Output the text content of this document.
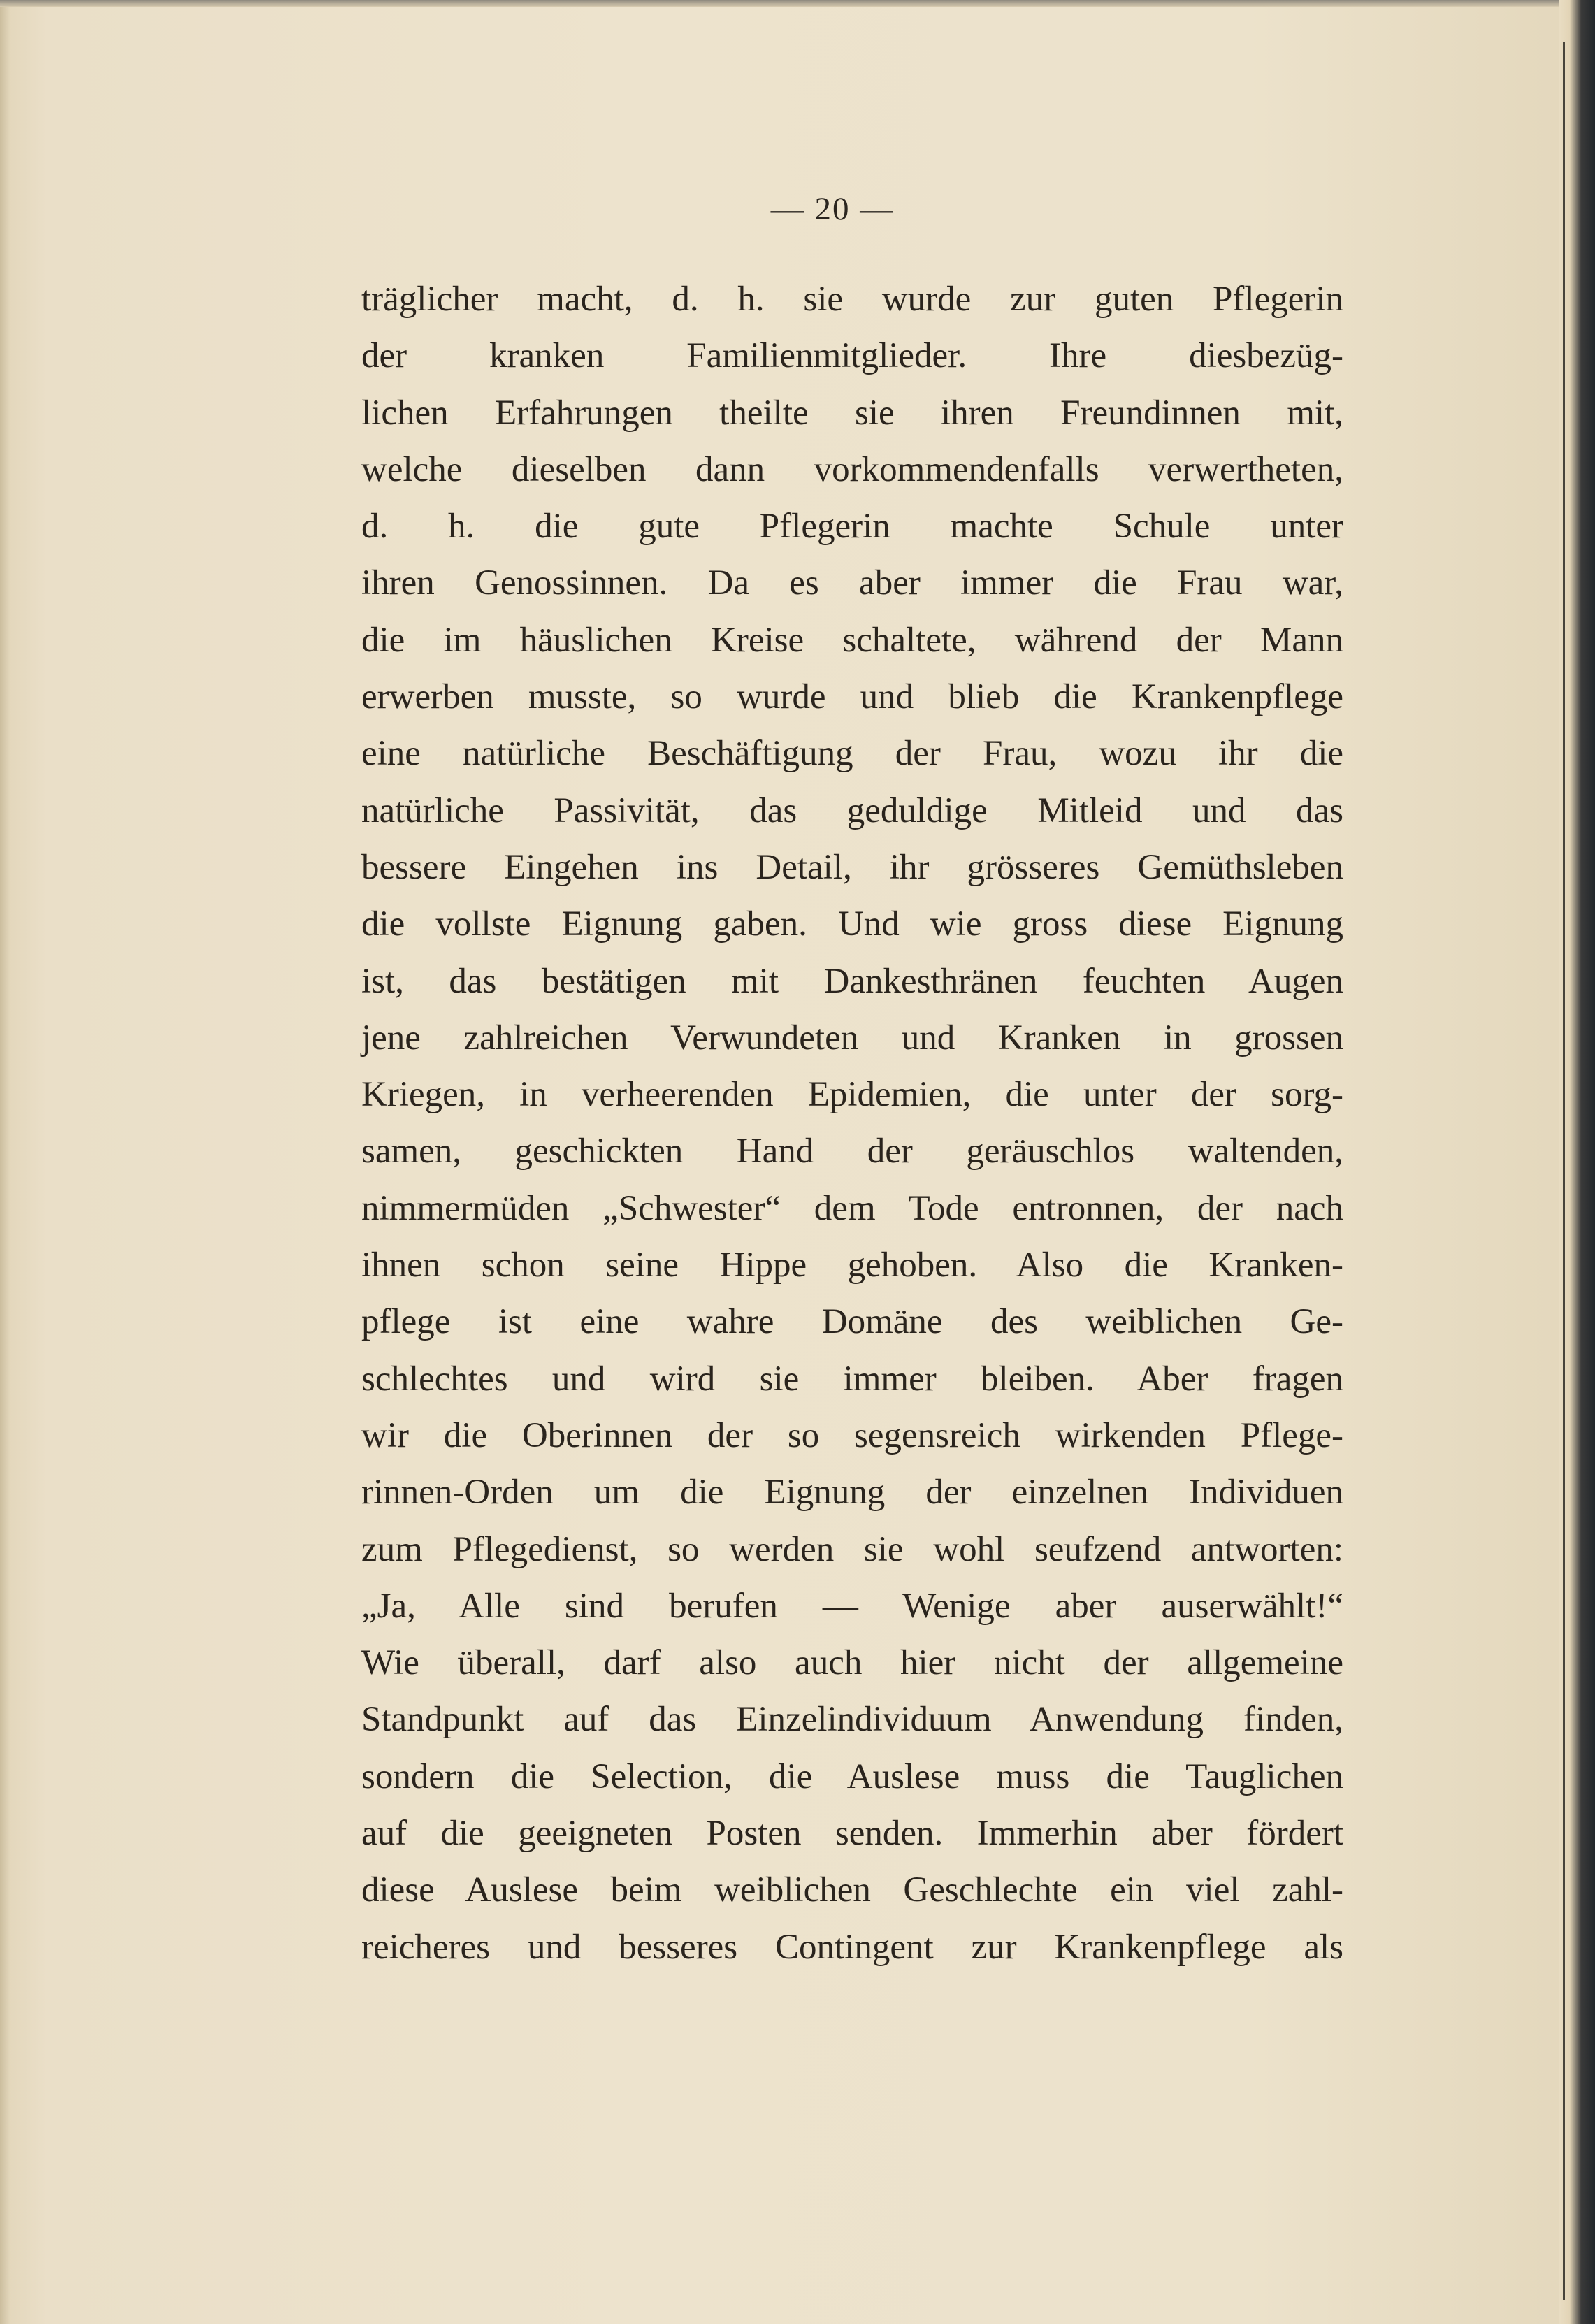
— 20 —
träglicher macht, d. h. sie wurde zur guten Pflegerin
der kranken Familienmitglieder. Ihre diesbezüg-
lichen Erfahrungen theilte sie ihren Freundinnen mit,
welche dieselben dann vorkommendenfalls verwertheten,
d. h. die gute Pflegerin machte Schule unter
ihren Genossinnen. Da es aber immer die Frau war,
die im häuslichen Kreise schaltete, während der Mann
erwerben musste, so wurde und blieb die Krankenpflege
eine natürliche Beschäftigung der Frau, wozu ihr die
natürliche Passivität, das geduldige Mitleid und das
bessere Eingehen ins Detail, ihr grösseres Gemüthsleben
die vollste Eignung gaben. Und wie gross diese Eignung
ist, das bestätigen mit Dankesthränen feuchten Augen
jene zahlreichen Verwundeten und Kranken in grossen
Kriegen, in verheerenden Epidemien, die unter der sorg-
samen, geschickten Hand der geräuschlos waltenden,
nimmermüden „Schwester“ dem Tode entronnen, der nach
ihnen schon seine Hippe gehoben. Also die Kranken-
pflege ist eine wahre Domäne des weiblichen Ge-
schlechtes und wird sie immer bleiben. Aber fragen
wir die Oberinnen der so segensreich wirkenden Pflege-
rinnen-Orden um die Eignung der einzelnen Individuen
zum Pflegedienst, so werden sie wohl seufzend antworten:
„Ja, Alle sind berufen — Wenige aber auserwählt!“
Wie überall, darf also auch hier nicht der allgemeine
Standpunkt auf das Einzelindividuum Anwendung finden,
sondern die Selection, die Auslese muss die Tauglichen
auf die geeigneten Posten senden. Immerhin aber fördert
diese Auslese beim weiblichen Geschlechte ein viel zahl-
reicheres und besseres Contingent zur Krankenpflege als
